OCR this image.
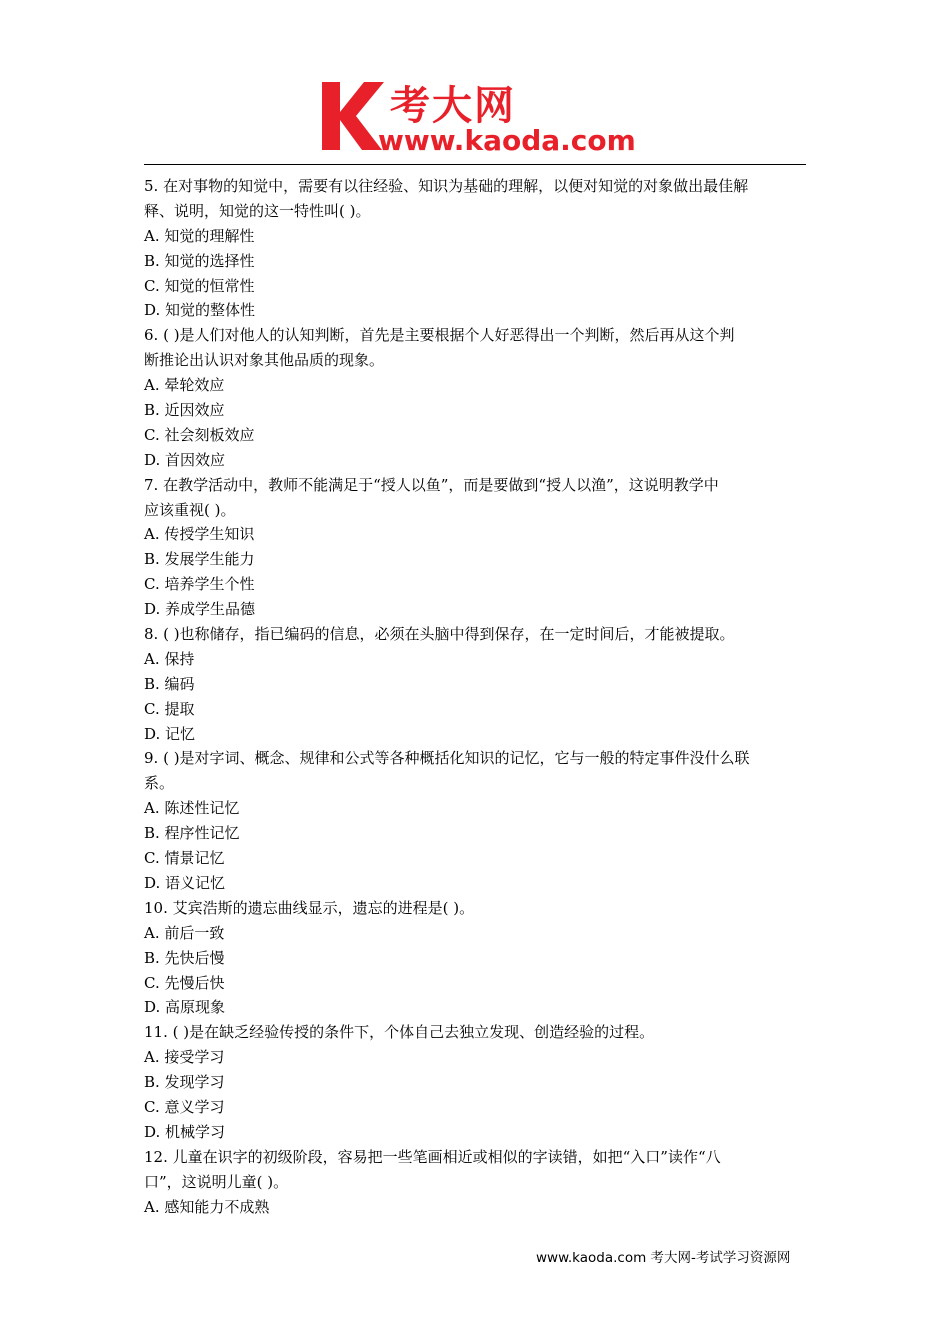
考大网
www.kaoda.com
5. 在对事物的知觉中，需要有以往经验、知识为基础的理解，以便对知觉的对象做出最佳解
释、说明，知觉的这一特性叫( )。
A. 知觉的理解性
B. 知觉的选择性
C. 知觉的恒常性
D. 知觉的整体性
6. ( )是人们对他人的认知判断，首先是主要根据个人好恶得出一个判断，然后再从这个判
断推论出认识对象其他品质的现象。
A. 晕轮效应
B. 近因效应
C. 社会刻板效应
D. 首因效应
7. 在教学活动中，教师不能满足于“授人以鱼”，而是要做到“授人以渔”，这说明教学中
应该重视( )。
A. 传授学生知识
B. 发展学生能力
C. 培养学生个性
D. 养成学生品德
8. ( )也称储存，指已编码的信息，必须在头脑中得到保存，在一定时间后，才能被提取。
A. 保持
B. 编码
C. 提取
D. 记忆
9. ( )是对字词、概念、规律和公式等各种概括化知识的记忆，它与一般的特定事件没什么联
系。
A. 陈述性记忆
B. 程序性记忆
C. 情景记忆
D. 语义记忆
10. 艾宾浩斯的遗忘曲线显示，遗忘的进程是( )。
A. 前后一致
B. 先快后慢
C. 先慢后快
D. 高原现象
11. ( )是在缺乏经验传授的条件下，个体自己去独立发现、创造经验的过程。
A. 接受学习
B. 发现学习
C. 意义学习
D. 机械学习
12. 儿童在识字的初级阶段，容易把一些笔画相近或相似的字读错，如把“入口”读作“八
口”，这说明儿童( )。
A. 感知能力不成熟
www.kaoda.com 考大网-考试学习资源网
